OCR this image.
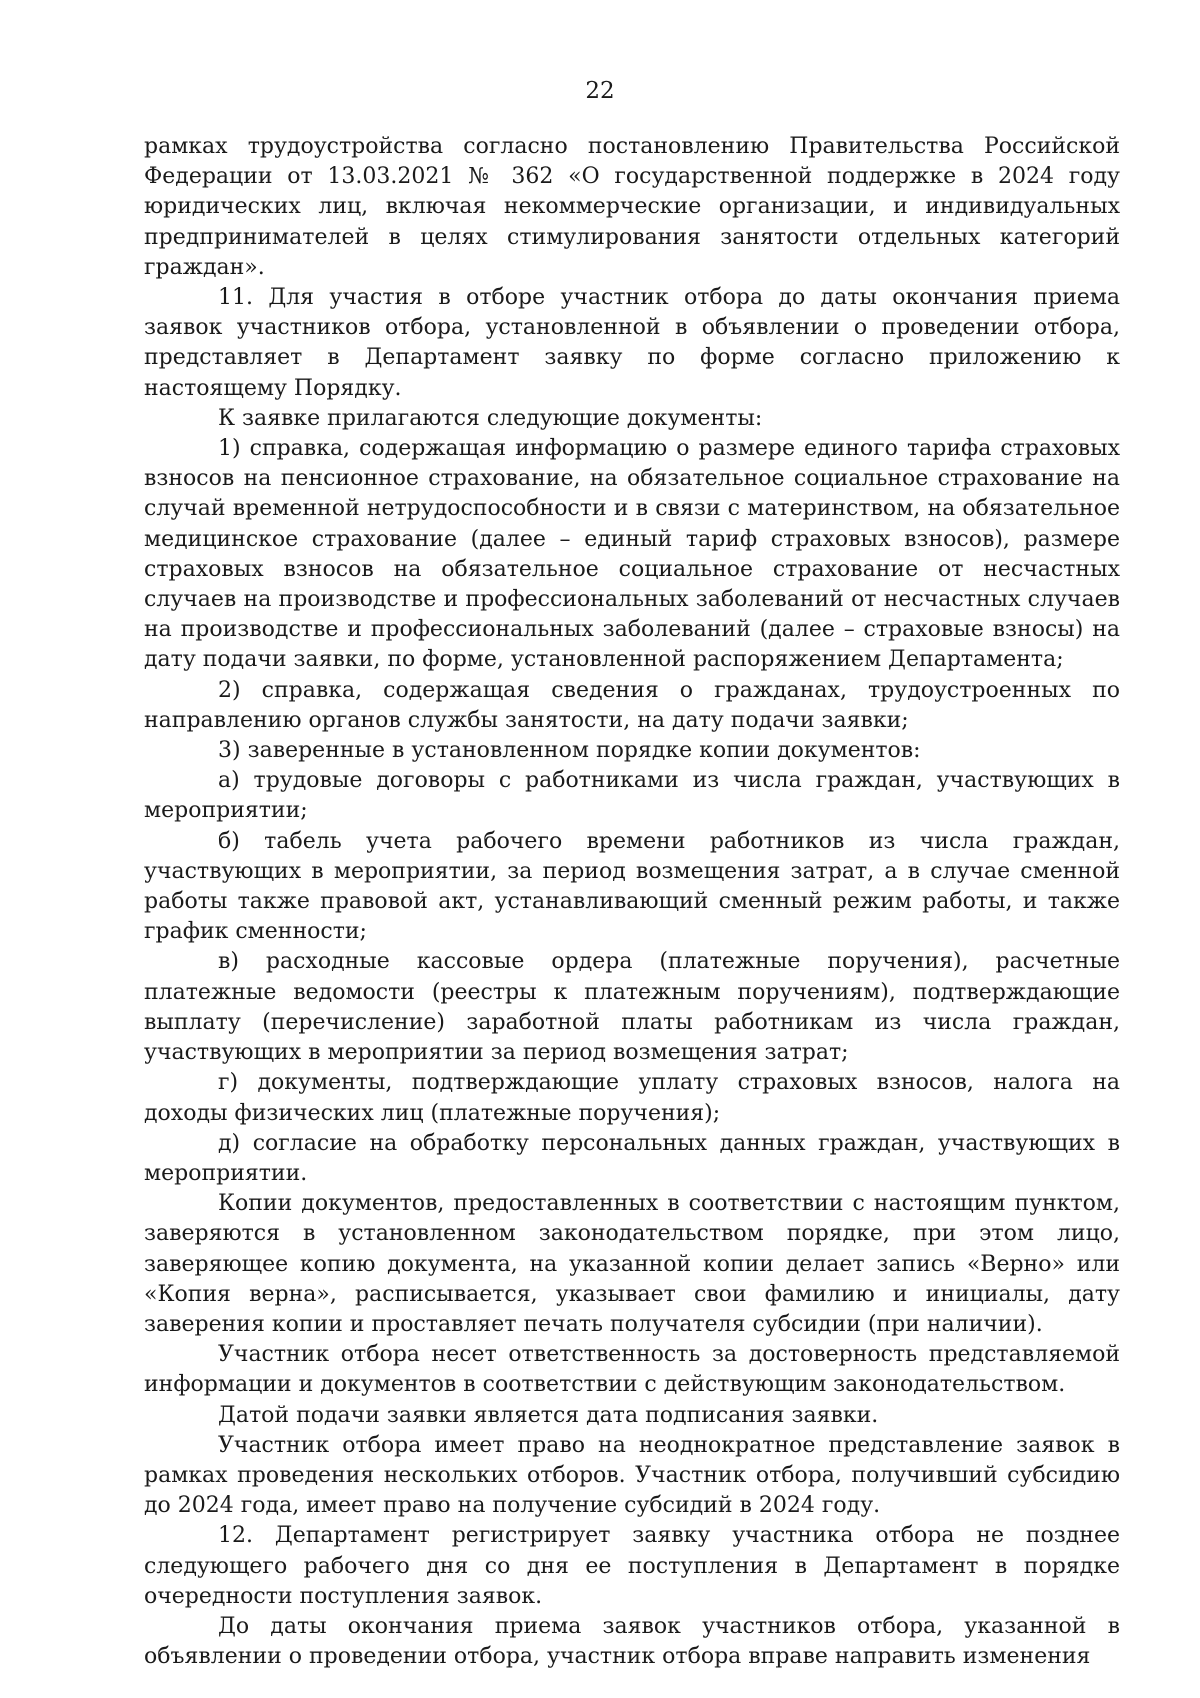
22

рамках трудоустройства согласно постановлению Правительства Российской Федерации от 13.03.2021 № 362 «О государственной поддержке в 2024 году юридических лиц, включая некоммерческие организации, и индивидуальных предпринимателей в целях стимулирования занятости отдельных категорий граждан».

11. Для участия в отборе участник отбора до даты окончания приема заявок участников отбора, установленной в объявлении о проведении отбора, представляет в Департамент заявку по форме согласно приложению к настоящему Порядку.

К заявке прилагаются следующие документы:

1) справка, содержащая информацию о размере единого тарифа страховых взносов на пенсионное страхование, на обязательное социальное страхование на случай временной нетрудоспособности и в связи с материнством, на обязательное медицинское страхование (далее – единый тариф страховых взносов), размере страховых взносов на обязательное социальное страхование от несчастных случаев на производстве и профессиональных заболеваний от несчастных случаев на производстве и профессиональных заболеваний (далее – страховые взносы) на дату подачи заявки, по форме, установленной распоряжением Департамента;

2) справка, содержащая сведения о гражданах, трудоустроенных по направлению органов службы занятости, на дату подачи заявки;

3) заверенные в установленном порядке копии документов:

а) трудовые договоры с работниками из числа граждан, участвующих в мероприятии;

б) табель учета рабочего времени работников из числа граждан, участвующих в мероприятии, за период возмещения затрат, а в случае сменной работы также правовой акт, устанавливающий сменный режим работы, и также график сменности;

в) расходные кассовые ордера (платежные поручения), расчетные платежные ведомости (реестры к платежным поручениям), подтверждающие выплату (перечисление) заработной платы работникам из числа граждан, участвующих в мероприятии за период возмещения затрат;

г) документы, подтверждающие уплату страховых взносов, налога на доходы физических лиц (платежные поручения);

д) согласие на обработку персональных данных граждан, участвующих в мероприятии.

Копии документов, предоставленных в соответствии с настоящим пунктом, заверяются в установленном законодательством порядке, при этом лицо, заверяющее копию документа, на указанной копии делает запись «Верно» или «Копия верна», расписывается, указывает свои фамилию и инициалы, дату заверения копии и проставляет печать получателя субсидии (при наличии).

Участник отбора несет ответственность за достоверность представляемой информации и документов в соответствии с действующим законодательством.

Датой подачи заявки является дата подписания заявки.

Участник отбора имеет право на неоднократное представление заявок в рамках проведения нескольких отборов. Участник отбора, получивший субсидию до 2024 года, имеет право на получение субсидий в 2024 году.

12. Департамент регистрирует заявку участника отбора не позднее следующего рабочего дня со дня ее поступления в Департамент в порядке очередности поступления заявок.

До даты окончания приема заявок участников отбора, указанной в объявлении о проведении отбора, участник отбора вправе направить изменения
